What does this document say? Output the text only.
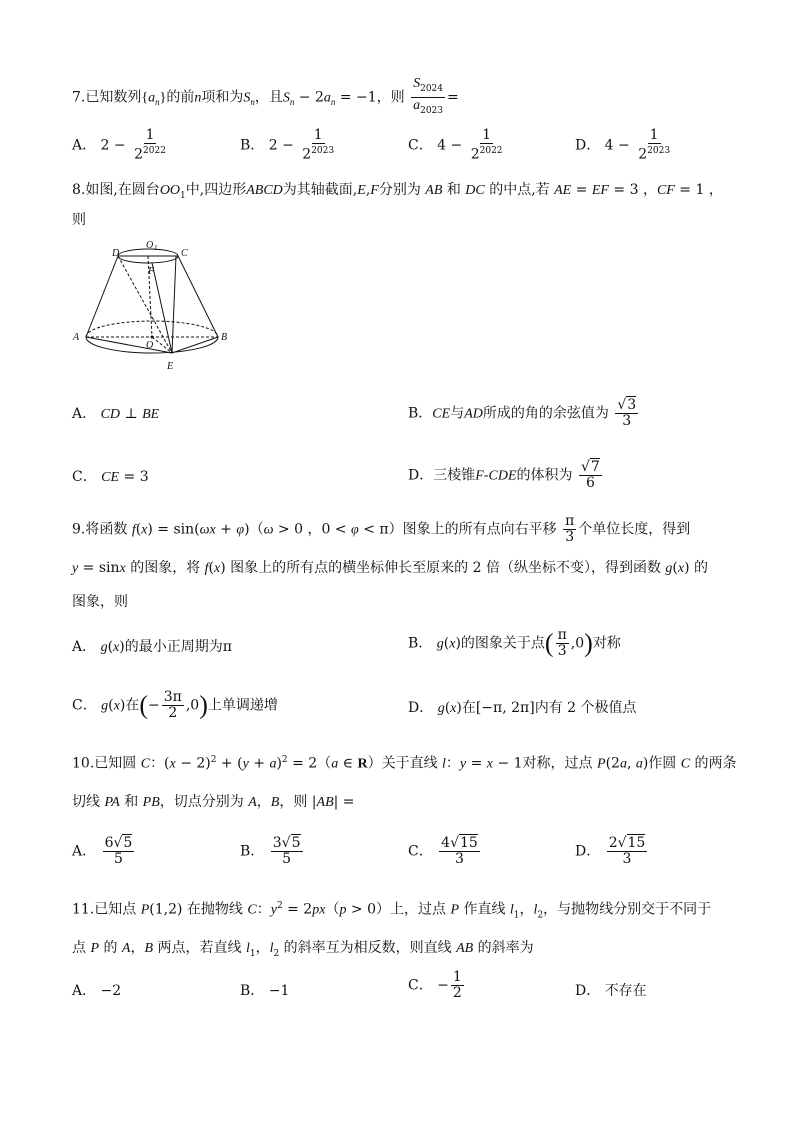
7.已知数列$\{a_n\}$的前n项和为$S_n$，且$S_n - 2a_n = -1$，则 $\frac{S_{2024}}{a_{2023}}$ =
A． $2 - \frac{1}{2^{2022}}$	B． $2 - \frac{1}{2^{2023}}$	C． $4 - \frac{1}{2^{2022}}$	D． $4 - \frac{1}{2^{2023}}$
8.如图,在圆台$OO_1$中,四边形ABCD为其轴截面,E,F分别为 AB 和 DC 的中点,若 AE = EF = 3 ，CF = 1 ，
则
D
O 1 C
F
A
O
B
E
A． CD ⊥ BE	B．CE与AD所成的角的余弦值为 $\frac{√3}{3}$
C． CE = 3	D．三棱锥F-CDE的体积为 $\frac{√7}{6}$
9.将函数 f(x) = sin(ωx + φ)（ω > 0 ，0 < φ < π）图象上的所有点向右平移 $\frac{\pi}{3}$ 个单位长度，得到
y = sinx 的图象，将 f(x) 图象上的所有点的横坐标伸长至原来的 2 倍（纵坐标不变），得到函数 g(x) 的
图象，则
A． g(x)的最小正周期为π	B． g(x)的图象关于点( $\frac{\pi}{3} ,0$)对称
C． g(x)在(− $\frac{3\pi}{2} ,0$)上单调递增	D． g(x)在[−π, 2π]内有 2 个极值点
10.已知圆 C：$(x - 2)^2 + (y + a)^2 = 2(a$ ∈ R）关于直线 l：y = x − 1对称，过点 P(2a, a)作圆 C 的两条
切线 PA 和 PB，切点分别为 A，B，则 |AB| =
A． $\frac{6√5}{5}$	B． $\frac{3√5}{5}$	C． $\frac{4√15}{3}$	D． $\frac{2√15}{3}$
11.已知点 P(1,2) 在抛物线 C：$y^2 = 2px(p > 0)$上，过点 P 作直线 $l_1$，$l_2$，与抛物线分别交于不同于
点 P 的 A，B 两点，若直线 $l_1$，$l_2$ 的斜率互为相反数，则直线 AB 的斜率为
A． −2	B． −1	C． − $\frac{1}{2}$	D． 不存在
